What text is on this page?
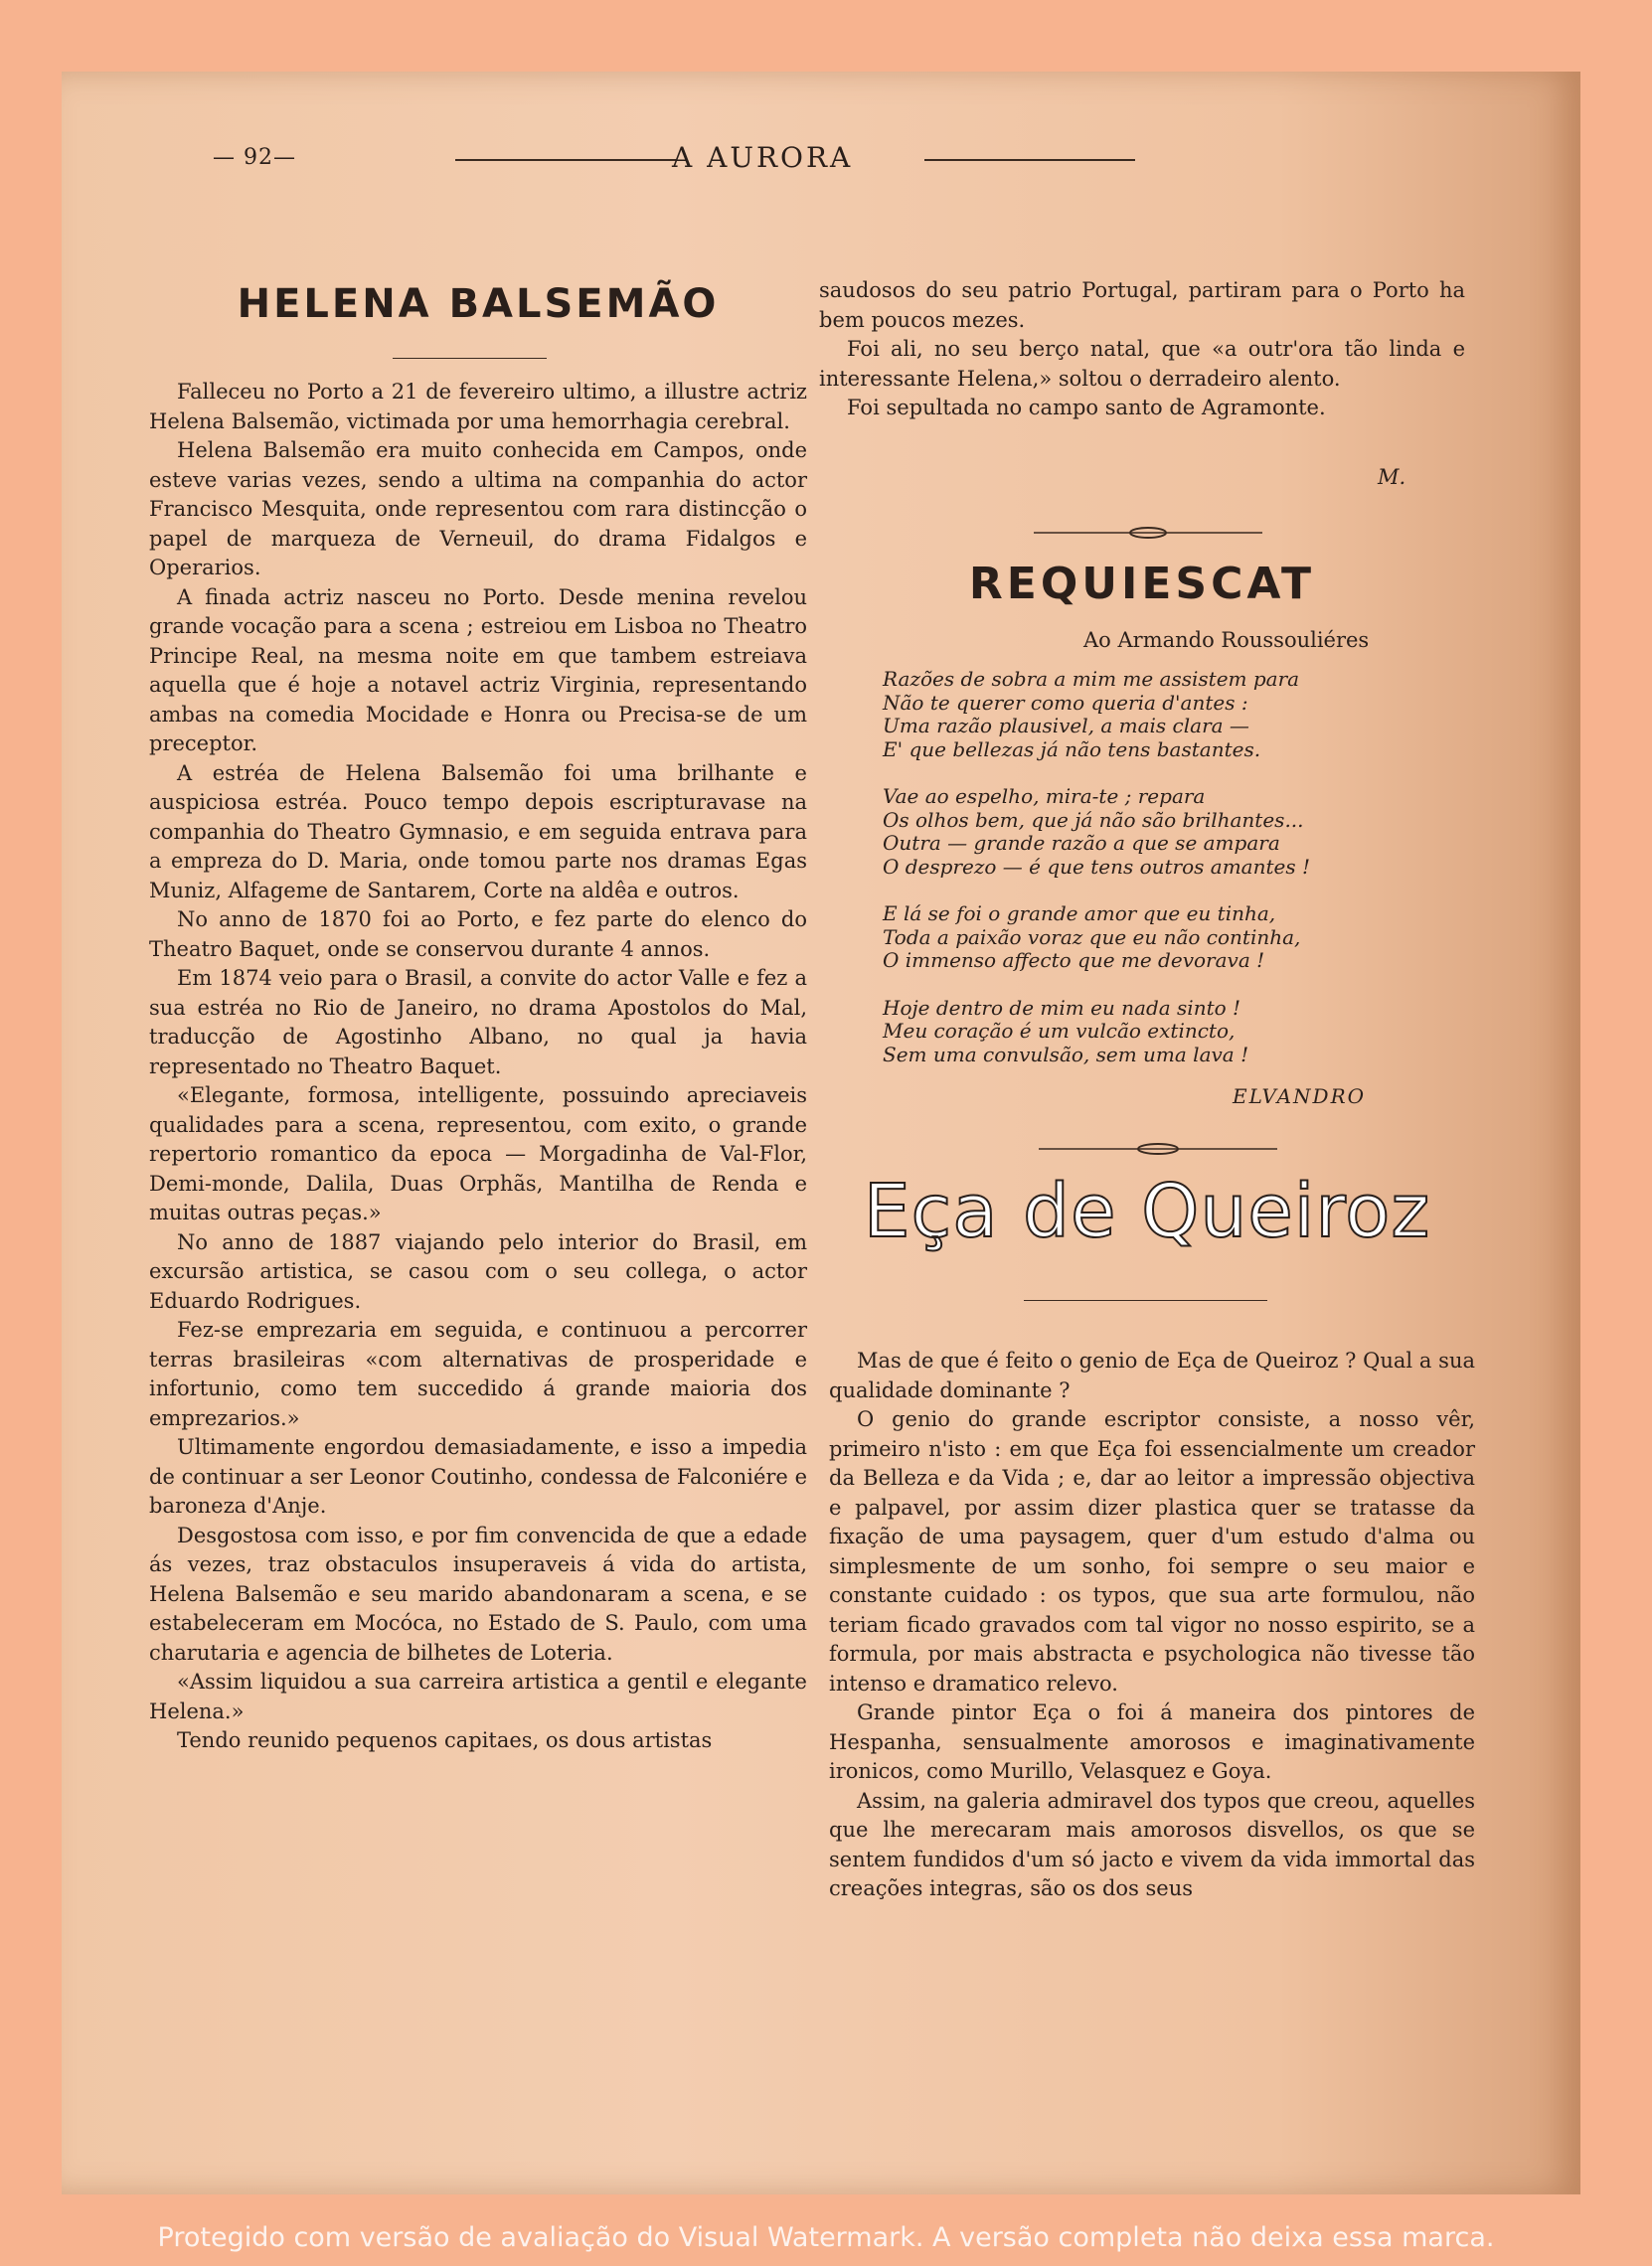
— 92—	A AURORA
HELENA BALSEMÃO

Falleceu no Porto a 21 de fevereiro ultimo, a illustre actriz Helena Balsemão, victimada por uma hemorrhagia cerebral.

Helena Balsemão era muito conhecida em Campos, onde esteve varias vezes, sendo a ultima na companhia do actor Francisco Mesquita, onde representou com rara distincção o papel de marqueza de Verneuil, do drama Fidalgos e Operarios.

A finada actriz nasceu no Porto. Desde menina revelou grande vocação para a scena ; estreiou em Lisboa no Theatro Principe Real, na mesma noite em que tambem estreiava aquella que é hoje a notavel actriz Virginia, representando ambas na comedia Mocidade e Honra ou Precisa-se de um preceptor.

A estréa de Helena Balsemão foi uma brilhante e auspiciosa estréa. Pouco tempo depois escripturavase na companhia do Theatro Gymnasio, e em seguida entrava para a empreza do D. Maria, onde tomou parte nos dramas Egas Muniz, Alfageme de Santarem, Corte na aldêa e outros.

No anno de 1870 foi ao Porto, e fez parte do elenco do Theatro Baquet, onde se conservou durante 4 annos.

Em 1874 veio para o Brasil, a convite do actor Valle e fez a sua estréa no Rio de Janeiro, no drama Apostolos do Mal, traducção de Agostinho Albano, no qual ja havia representado no Theatro Baquet.

«Elegante, formosa, intelligente, possuindo apreciaveis qualidades para a scena, representou, com exito, o grande repertorio romantico da epoca — Morgadinha de Val-Flor, Demi-monde, Dalila, Duas Orphãs, Mantilha de Renda e muitas outras peças.»

No anno de 1887 viajando pelo interior do Brasil, em excursão artistica, se casou com o seu collega, o actor Eduardo Rodrigues.

Fez-se emprezaria em seguida, e continuou a percorrer terras brasileiras «com alternativas de prosperidade e infortunio, como tem succedido á grande maioria dos emprezarios.»

Ultimamente engordou demasiadamente, e isso a impedia de continuar a ser Leonor Coutinho, condessa de Falconiére e baroneza d'Anje.

Desgostosa com isso, e por fim convencida de que a edade ás vezes, traz obstaculos insuperaveis á vida do artista, Helena Balsemão e seu marido abandonaram a scena, e se estabeleceram em Mocóca, no Estado de S. Paulo, com uma charutaria e agencia de bilhetes de Loteria.

«Assim liquidou a sua carreira artistica a gentil e elegante Helena.»

Tendo reunido pequenos capitaes, os dous artistas

saudosos do seu patrio Portugal, partiram para o Porto ha bem poucos mezes.

Foi ali, no seu berço natal, que «a outr'ora tão linda e interessante Helena,» soltou o derradeiro alento.

Foi sepultada no campo santo de Agramonte.

M.
REQUIESCAT
Ao Armando Roussouliéres
Razões de sobra a mim me assistem para
Não te querer como queria d'antes :
Uma razão plausivel, a mais clara —
E' que bellezas já não tens bastantes.
Vae ao espelho, mira-te ; repara
Os olhos bem, que já não são brilhantes...
Outra — grande razão a que se ampara
O desprezo — é que tens outros amantes !
E lá se foi o grande amor que eu tinha,
Toda a paixão voraz que eu não continha,
O immenso affecto que me devorava !
Hoje dentro de mim eu nada sinto !
Meu coração é um vulcão extincto,
Sem uma convulsão, sem uma lava !
ELVANDRO
Eça de Queiroz

Mas de que é feito o genio de Eça de Queiroz ? Qual a sua qualidade dominante ?

O genio do grande escriptor consiste, a nosso vêr, primeiro n'isto : em que Eça foi essencialmente um creador da Belleza e da Vida ; e, dar ao leitor a impressão objectiva e palpavel, por assim dizer plastica quer se tratasse da fixação de uma paysagem, quer d'um estudo d'alma ou simplesmente de um sonho, foi sempre o seu maior e constante cuidado : os typos, que sua arte formulou, não teriam ficado gravados com tal vigor no nosso espirito, se a formula, por mais abstracta e psychologica não tivesse tão intenso e dramatico relevo.

Grande pintor Eça o foi á maneira dos pintores de Hespanha, sensualmente amorosos e imaginativamente ironicos, como Murillo, Velasquez e Goya.

Assim, na galeria admiravel dos typos que creou, aquelles que lhe merecaram mais amorosos disvellos, os que se sentem fundidos d'um só jacto e vivem da vida immortal das creações integras, são os dos seus

Protegido com versão de avaliação do Visual Watermark. A versão completa não deixa essa marca.
